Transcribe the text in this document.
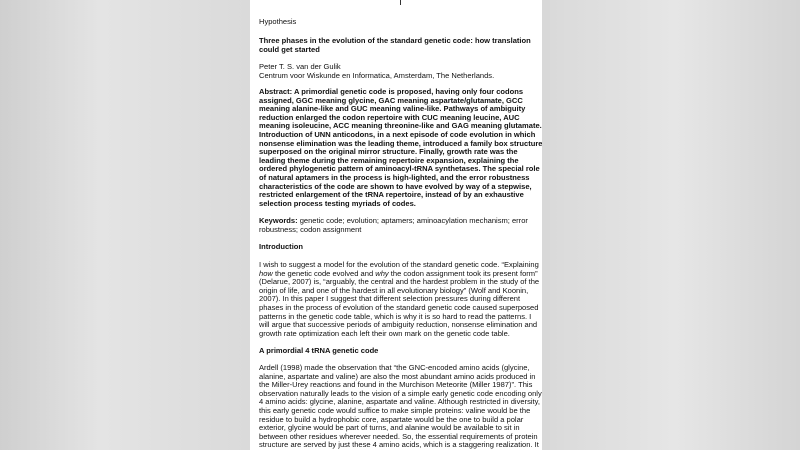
Hypothesis

Three phases in the evolution of the standard genetic code: how translation could get started

Peter T. S. van der Gulik

Centrum voor Wiskunde en Informatica, Amsterdam, The Netherlands.

Abstract: A primordial genetic code is proposed, having only four codons assigned, GGC meaning glycine, GAC meaning aspartate/glutamate, GCC meaning alanine-like and GUC meaning valine-like. Pathways of ambiguity reduction enlarged the codon repertoire with CUC meaning leucine, AUC meaning isoleucine, ACC meaning threonine-like and GAG meaning glutamate. Introduction of UNN anticodons, in a next episode of code evolution in which nonsense elimination was the leading theme, introduced a family box structure superposed on the original mirror structure. Finally, growth rate was the leading theme during the remaining repertoire expansion, explaining the ordered phylogenetic pattern of aminoacyl-tRNA synthetases. The special role of natural aptamers in the process is high-lighted, and the error robustness characteristics of the code are shown to have evolved by way of a stepwise, restricted enlargement of the tRNA repertoire, instead of by an exhaustive selection process testing myriads of codes.

Keywords: genetic code; evolution; aptamers; aminoacylation mechanism; error robustness; codon assignment

Introduction

I wish to suggest a model for the evolution of the standard genetic code. “Explaining how the genetic code evolved and why the codon assignment took its present form” (Delarue, 2007) is, “arguably, the central and the hardest problem in the study of the origin of life, and one of the hardest in all evolutionary biology” (Wolf and Koonin, 2007). In this paper I suggest that different selection pressures during different phases in the process of evolution of the standard genetic code caused superposed patterns in the genetic code table, which is why it is so hard to read the patterns. I will argue that successive periods of ambiguity reduction, nonsense elimination and growth rate optimization each left their own mark on the genetic code table.

A primordial 4 tRNA genetic code

Ardell (1998) made the observation that “the GNC-encoded amino acids (glycine, alanine, aspartate and valine) are also the most abundant amino acids produced in the Miller-Urey reactions and found in the Murchison Meteorite (Miller 1987)”. This observation naturally leads to the vision of a simple early genetic code encoding only 4 amino acids: glycine, alanine, aspartate and valine. Although restricted in diversity, this early genetic code would suffice to make simple proteins: valine would be the residue to build a hydrophobic core, aspartate would be the one to build a polar exterior, glycine would be part of turns, and alanine would be available to sit in between other residues wherever needed. So, the essential requirements of protein structure are served by just these 4 amino acids, which is a staggering realization. It
